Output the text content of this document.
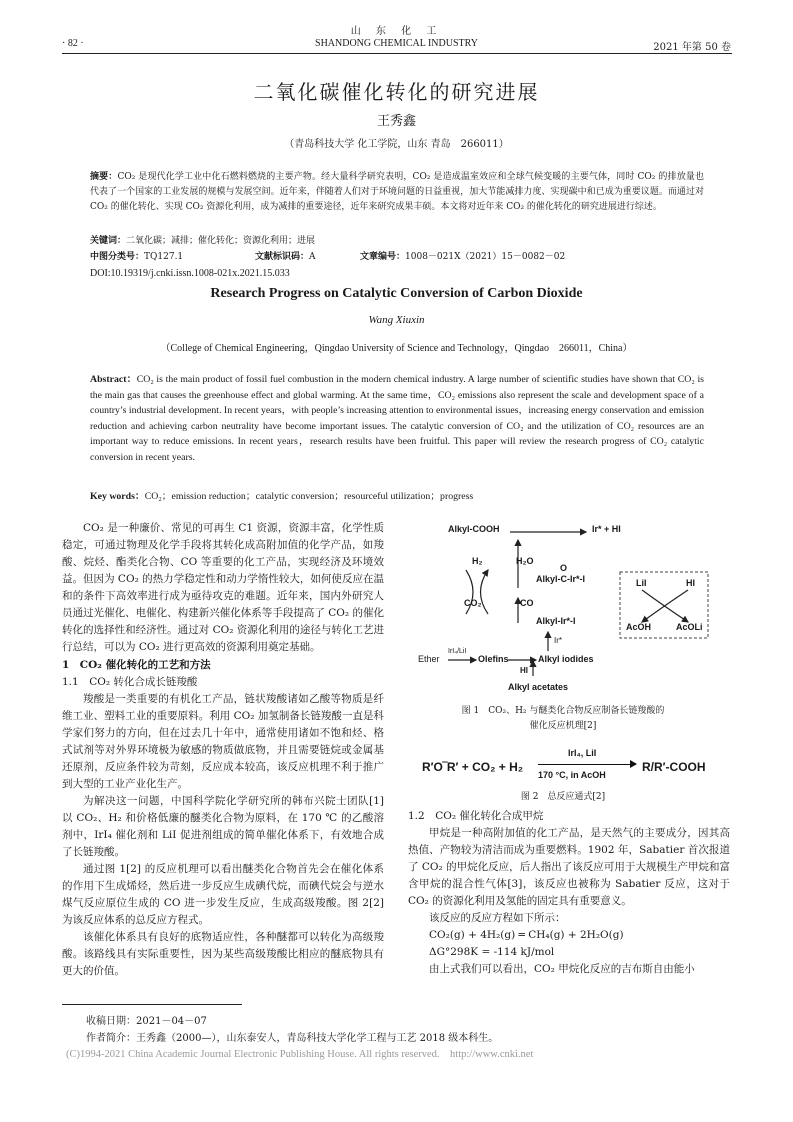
山 东 化 工
· 82 ·	SHANDONG CHEMICAL INDUSTRY	2021 年第 50 卷
二氧化碳催化转化的研究进展
王秀鑫
（青岛科技大学 化工学院，山东 青岛　266011）
摘要：CO₂ 是现代化学工业中化石燃料燃烧的主要产物。经大量科学研究表明，CO₂ 是造成温室效应和全球气候变暖的主要气体，同时 CO₂ 的排放量也代表了一个国家的工业发展的规模与发展空间。近年来，伴随着人们对于环境问题的日益重视，加大节能减排力度、实现碳中和已成为重要议题。而通过对 CO₂ 的催化转化、实现 CO₂ 资源化利用，成为减排的重要途径，近年来研究成果丰硕。本文将对近年来 CO₂ 的催化转化的研究进展进行综述。
关键词：二氧化碳；减排；催化转化；资源化利用；进展
中图分类号：TQ127.1	文献标识码：A	文章编号：1008－021X（2021）15－0082－02
DOI:10.19319/j.cnki.issn.1008-021x.2021.15.033
Research Progress on Catalytic Conversion of Carbon Dioxide
Wang Xiuxin
（College of Chemical Engineering，Qingdao University of Science and Technology，Qingdao　266011，China）
Abstract：CO₂ is the main product of fossil fuel combustion in the modern chemical industry. A large number of scientific studies have shown that CO₂ is the main gas that causes the greenhouse effect and global warming. At the same time，CO₂ emissions also represent the scale and development space of a country’s industrial development. In recent years，with people’s increasing attention to environmental issues，increasing energy conservation and emission reduction and achieving carbon neutrality have become important issues. The catalytic conversion of CO₂ and the utilization of CO₂ resources are an important way to reduce emissions. In recent years，research results have been fruitful. This paper will review the research progress of CO₂ catalytic conversion in recent years.
Key words：CO₂；emission reduction；catalytic conversion；resourceful utilization；progress

CO₂ 是一种廉价、常见的可再生 C1 资源，资源丰富，化学性质稳定，可通过物理及化学手段将其转化成高附加值的化学产品，如羧酸、烷烃、酯类化合物、CO 等重要的化工产品，实现经济及环境效益。但因为 CO₂ 的热力学稳定性和动力学惰性较大，如何使反应在温和的条件下高效率进行成为亟待攻克的难题。近年来，国内外研究人员通过光催化、电催化、构建新兴催化体系等手段提高了 CO₂ 的催化转化的选择性和经济性。通过对 CO₂ 资源化利用的途径与转化工艺进行总结，可以为 CO₂ 进行更高效的资源利用奠定基础。

1　CO₂ 催化转化的工艺和方法

1.1　CO₂ 转化合成长链羧酸

羧酸是一类重要的有机化工产品，链状羧酸诸如乙酸等物质是纤维工业、塑料工业的重要原料。利用 CO₂ 加氢制备长链羧酸一直是科学家们努力的方向，但在过去几十年中，通常使用诸如不饱和烃、格式试剂等对外界环境极为敏感的物质做底物，并且需要链烷或金属基还原剂，反应条件较为苛刻，反应成本较高，该反应机理不利于推广到大型的工业产业化生产。

为解决这一问题，中国科学院化学研究所的韩布兴院士团队[1] 以 CO₂、H₂ 和价格低廉的醚类化合物为原料，在 170 ℃ 的乙酸溶剂中，IrI₄ 催化剂和 LiI 促进剂组成的简单催化体系下，有效地合成了长链羧酸。

通过图 1[2] 的反应机理可以看出醚类化合物首先会在催化体系的作用下生成烯烃，然后进一步反应生成碘代烷，而碘代烷会与逆水煤气反应原位生成的 CO 进一步发生反应，生成高级羧酸。图 2[2] 为该反应体系的总反应方程式。

该催化体系具有良好的底物适应性，各种醚都可以转化为高级羧酸。该路线具有实际重要性，因为某些高级羧酸比相应的醚底物具有更大的价值。

Alkyl-COOH	Ir* + HI
H₂	H₂O
O
Alkyl-C-Ir*-I
CO₂	CO
Alkyl-Ir*-I
Ir*
LiI	HI
AcOH	AcOLi
Ether
IrI₄/LiI
Olefins	Alkyl iodides
HI
Alkyl acetates
图 1　CO₂、H₂ 与醚类化合物反应制备长链羧酸的
催化反应机理[2]
R′O‾R′ + CO₂ + H₂
IrI₄, LiI
170 °C, in AcOH
R/R′-COOH
图 2　总反应通式[2]

1.2　CO₂ 催化转化合成甲烷

甲烷是一种高附加值的化工产品，是天然气的主要成分，因其高热值、产物较为清洁而成为重要燃料。1902 年，Sabatier 首次报道了 CO₂ 的甲烷化反应，后人指出了该反应可用于大规模生产甲烷和富含甲烷的混合性气体[3]，该反应也被称为 Sabatier 反应，这对于 CO₂ 的资源化利用及氢能的固定具有重要意义。

该反应的反应方程如下所示：

CO₂(g) + 4H₂(g) ═ CH₄(g) + 2H₂O(g)

ΔG°298K = -114 kJ/mol

由上式我们可以看出，CO₂ 甲烷化反应的吉布斯自由能小

收稿日期：2021－04－07
作者简介：王秀鑫（2000—），山东泰安人，青岛科技大学化学工程与工艺 2018 级本科生。
(C)1994-2021 China Academic Journal Electronic Publishing House. All rights reserved.　http://www.cnki.net
